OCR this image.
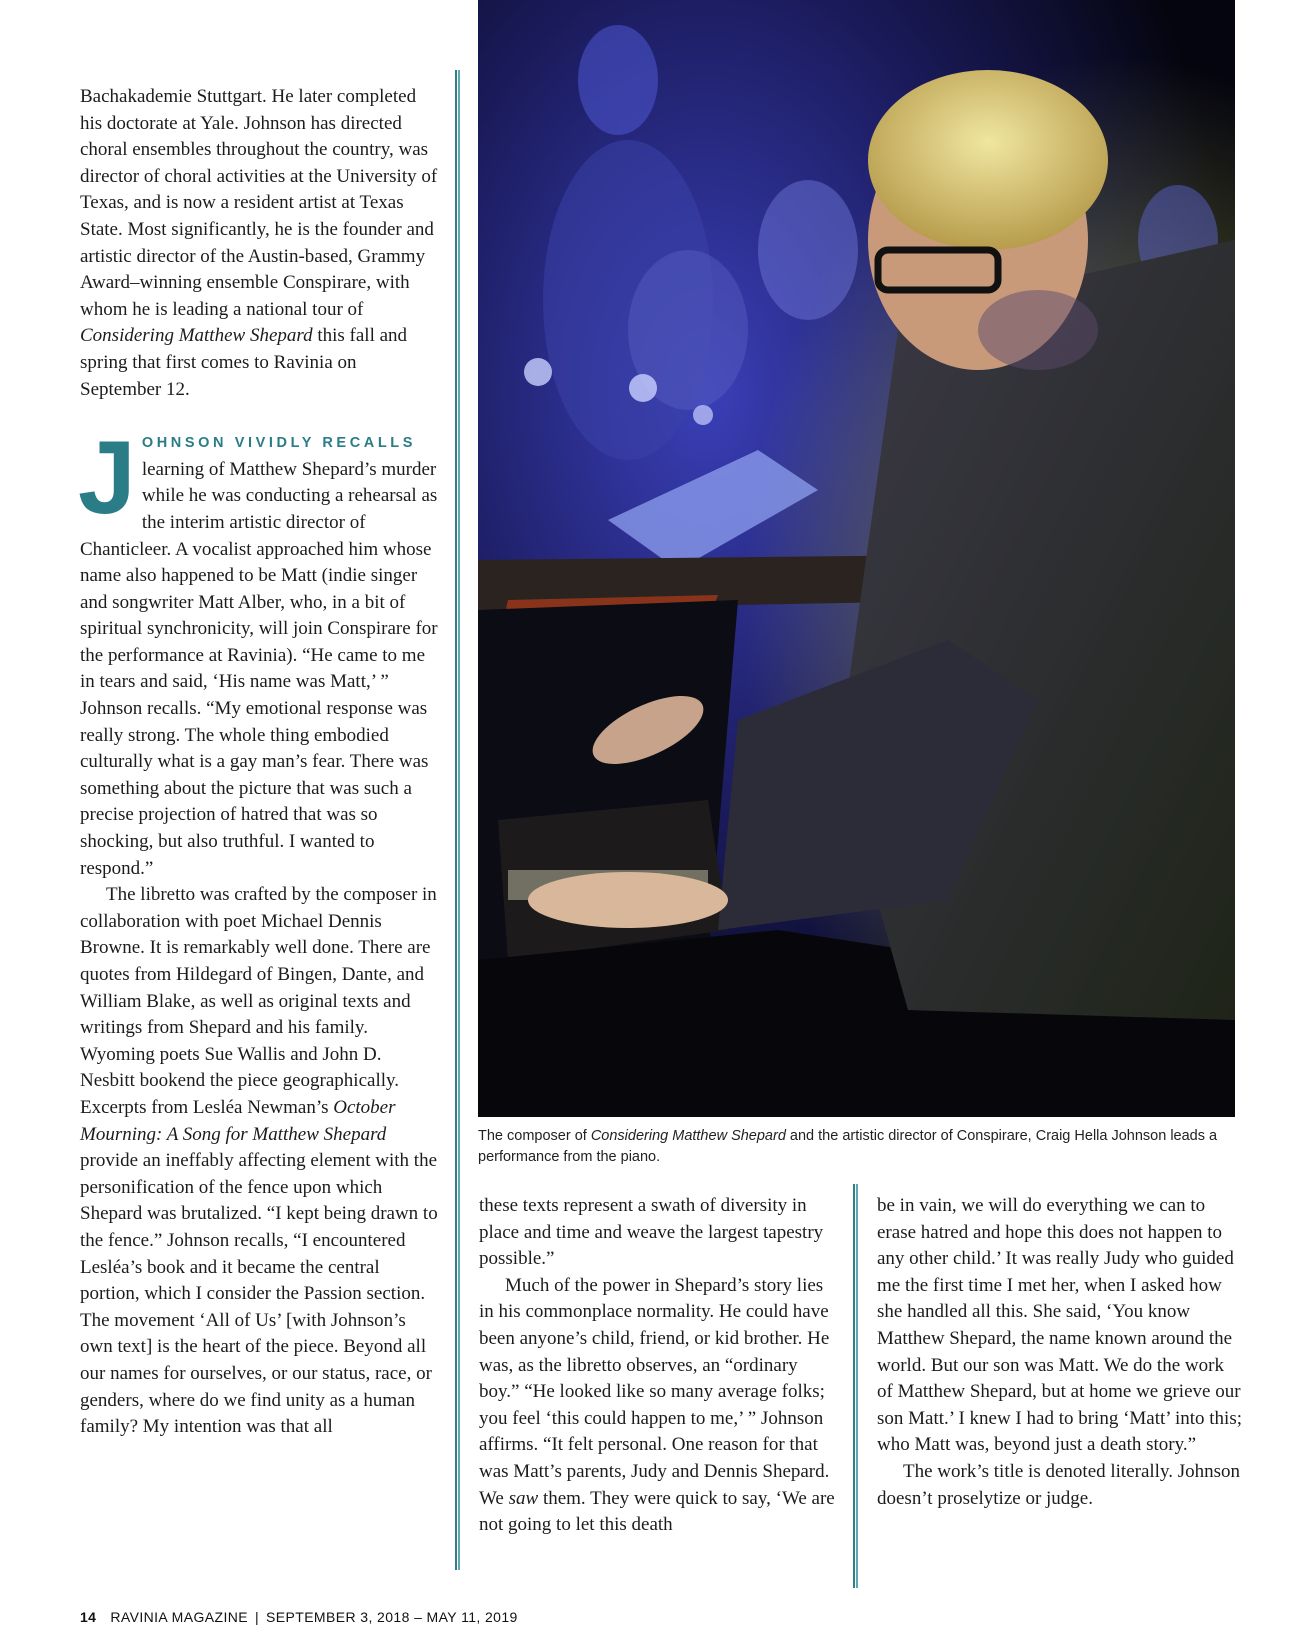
Bachakademie Stuttgart. He later completed his doctorate at Yale. Johnson has directed choral ensembles throughout the country, was director of choral activities at the University of Texas, and is now a resident artist at Texas State. Most significantly, he is the founder and artistic director of the Austin-based, Grammy Award–winning ensemble Conspirare, with whom he is leading a national tour of Considering Matthew Shepard this fall and spring that first comes to Ravinia on September 12.

JOHNSON VIVIDLY RECALLS learning of Matthew Shepard’s murder while he was conducting a rehearsal as the interim artistic director of Chanticleer. A vocalist approached him whose name also happened to be Matt (indie singer and songwriter Matt Alber, who, in a bit of spiritual synchronicity, will join Conspirare for the performance at Ravinia). “He came to me in tears and said, ‘His name was Matt,’ ” Johnson recalls. “My emotional response was really strong. The whole thing embodied culturally what is a gay man’s fear. There was something about the picture that was such a precise projection of hatred that was so shocking, but also truthful. I wanted to respond.”

The libretto was crafted by the composer in collaboration with poet Michael Dennis Browne. It is remarkably well done. There are quotes from Hildegard of Bingen, Dante, and William Blake, as well as original texts and writings from Shepard and his family. Wyoming poets Sue Wallis and John D. Nesbitt bookend the piece geographically. Excerpts from Lesléa Newman’s October Mourning: A Song for Matthew Shepard provide an ineffably affecting element with the personification of the fence upon which Shepard was brutalized. “I kept being drawn to the fence.” Johnson recalls, “I encountered Lesléa’s book and it became the central portion, which I consider the Passion section. The movement ‘All of Us’ [with Johnson’s own text] is the heart of the piece. Beyond all our names for ourselves, or our status, race, or genders, where do we find unity as a human family? My intention was that all

The composer of Considering Matthew Shepard and the artistic director of Conspirare, Craig Hella Johnson leads a performance from the piano.

these texts represent a swath of diversity in place and time and weave the largest tapestry possible.”

Much of the power in Shepard’s story lies in his commonplace normality. He could have been anyone’s child, friend, or kid brother. He was, as the libretto observes, an “ordinary boy.” “He looked like so many average folks; you feel ‘this could happen to me,’ ” Johnson affirms. “It felt personal. One reason for that was Matt’s parents, Judy and Dennis Shepard. We saw them. They were quick to say, ‘We are not going to let this death

be in vain, we will do everything we can to erase hatred and hope this does not happen to any other child.’ It was really Judy who guided me the first time I met her, when I asked how she handled all this. She said, ‘You know Matthew Shepard, the name known around the world. But our son was Matt. We do the work of Matthew Shepard, but at home we grieve our son Matt.’ I knew I had to bring ‘Matt’ into this; who Matt was, beyond just a death story.”

The work’s title is denoted literally. Johnson doesn’t proselytize or judge.

14 RAVINIA MAGAZINE | SEPTEMBER 3, 2018 – MAY 11, 2019
